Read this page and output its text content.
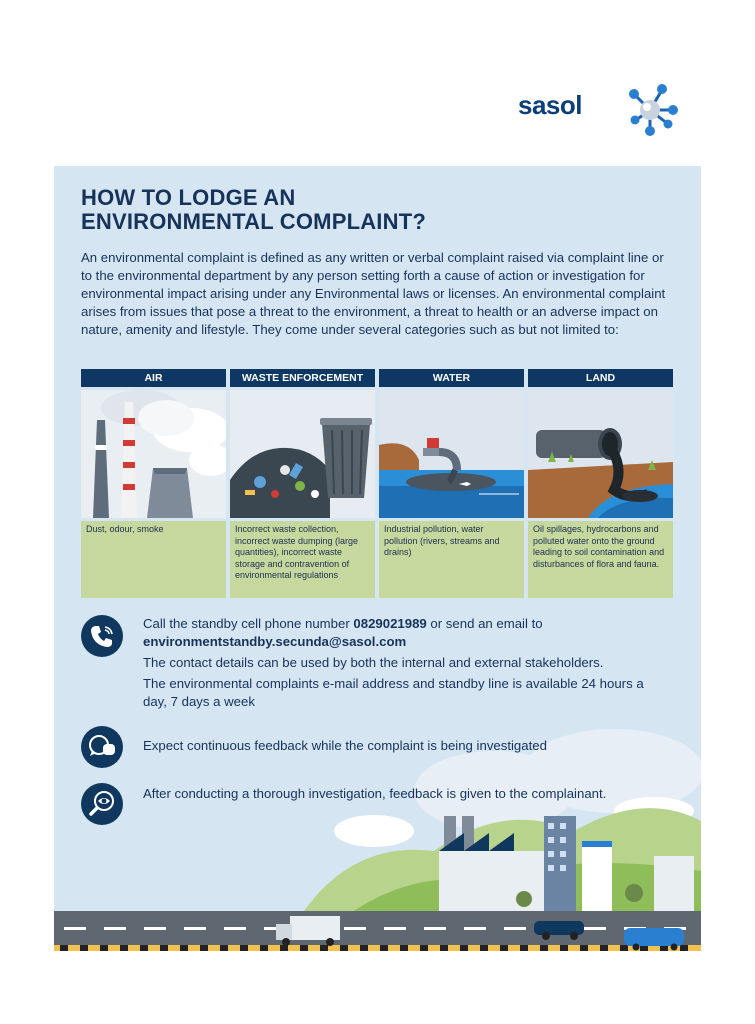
sasol
HOW TO LODGE AN
ENVIRONMENTAL COMPLAINT?
An environmental complaint is defined as any written or verbal complaint raised via complaint line or to the environmental department by any person setting forth a cause of action or investigation for environmental impact arising under any Environmental laws or licenses. An environmental complaint arises from issues that pose a threat to the environment, a threat to health or an adverse impact on nature, amenity and lifestyle. They come under several categories such as but not limited to:
AIR
Dust, odour, smoke
WASTE ENFORCEMENT
Incorrect waste collection, incorrect waste dumping (large quantities), incorrect waste storage and contravention of environmental regulations
WATER
Industrial pollution, water pollution (rivers, streams and drains)
LAND
Oil spillages, hydrocarbons and polluted water onto the ground leading to soil contamination and disturbances of flora and fauna.

Call the standby cell phone number 0829021989 or send an email to
environmentstandby.secunda@sasol.com

The contact details can be used by both the internal and external stakeholders.

The environmental complaints e-mail address and standby line is available 24 hours a day, 7 days a week

Expect continuous feedback while the complaint is being investigated
After conducting a thorough investigation, feedback is given to the complainant.
